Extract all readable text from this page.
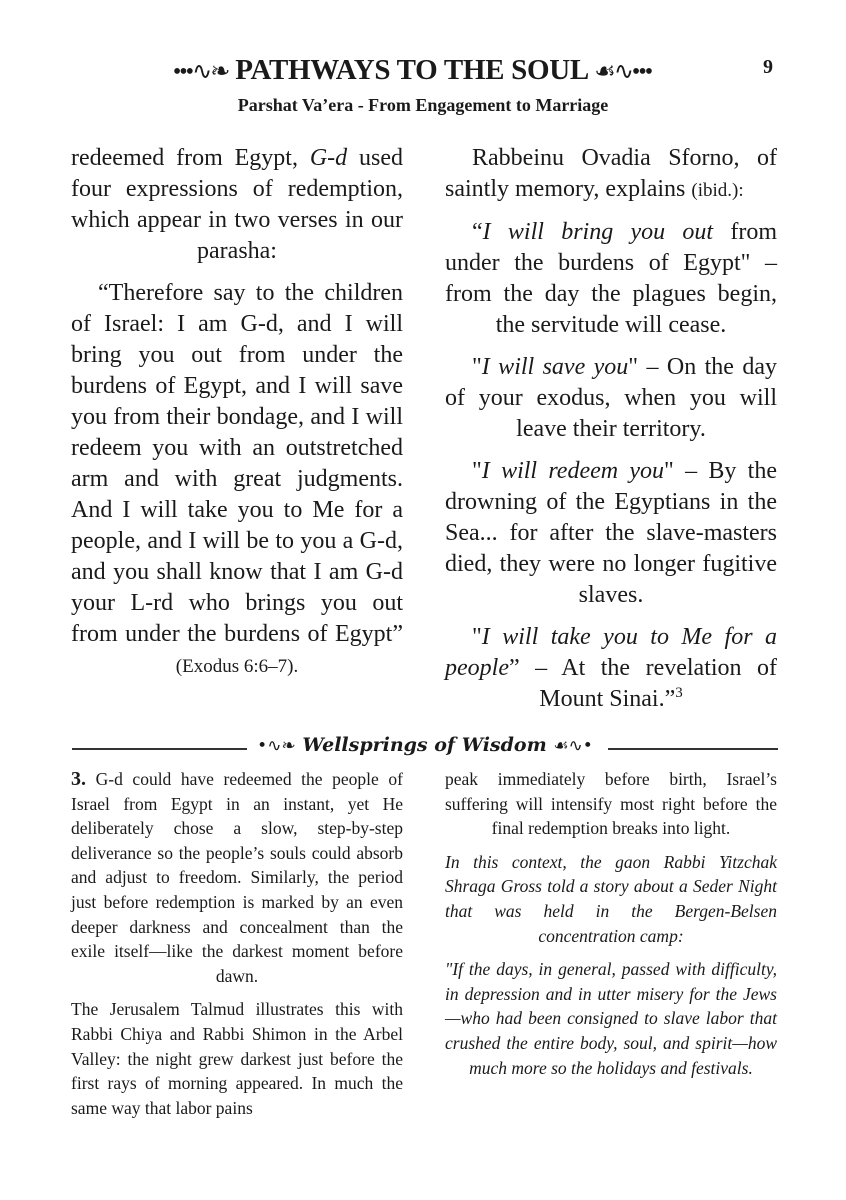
•••∿❧ PATHWAYS TO THE SOUL ☙∿•••	9
Parshat Va’era - From Engagement to Marriage

redeemed from Egypt, G-d used four expressions of redemption, which appear in two verses in our parasha:

“Therefore say to the children of Israel: I am G-d, and I will bring you out from under the burdens of Egypt, and I will save you from their bondage, and I will redeem you with an outstretched arm and with great judgments. And I will take you to Me for a people, and I will be to you a G-d, and you shall know that I am G-d your L-rd who brings you out from under the burdens of Egypt” (Exodus 6:6–7).

Rabbeinu Ovadia Sforno, of saintly memory, explains (ibid.):

“I will bring you out from under the burdens of Egypt" – from the day the plagues begin, the servitude will cease.

"I will save you" – On the day of your exodus, when you will leave their territory.

"I will redeem you" – By the drowning of the Egyptians in the Sea... for after the slave-masters died, they were no longer fugitive slaves.

"I will take you to Me for a people” – At the revelation of Mount Sinai.”$^3$

•∿❧ Wellsprings of Wisdom ☙∿•

3. G-d could have redeemed the people of Israel from Egypt in an instant, yet He deliberately chose a slow, step-by-step deliverance so the people’s souls could absorb and adjust to freedom. Similarly, the period just before redemption is marked by an even deeper darkness and concealment than the exile itself—like the darkest moment before dawn.

The Jerusalem Talmud illustrates this with Rabbi Chiya and Rabbi Shimon in the Arbel Valley: the night grew darkest just before the first rays of morning appeared. In much the same way that labor pains

peak immediately before birth, Israel’s suffering will intensify most right before the final redemption breaks into light.

In this context, the gaon Rabbi Yitzchak Shraga Gross told a story about a Seder Night that was held in the Bergen-Belsen concentration camp:

"If the days, in general, passed with difficulty, in depression and in utter misery for the Jews—who had been consigned to slave labor that crushed the entire body, soul, and spirit—how much more so the holidays and festivals.
